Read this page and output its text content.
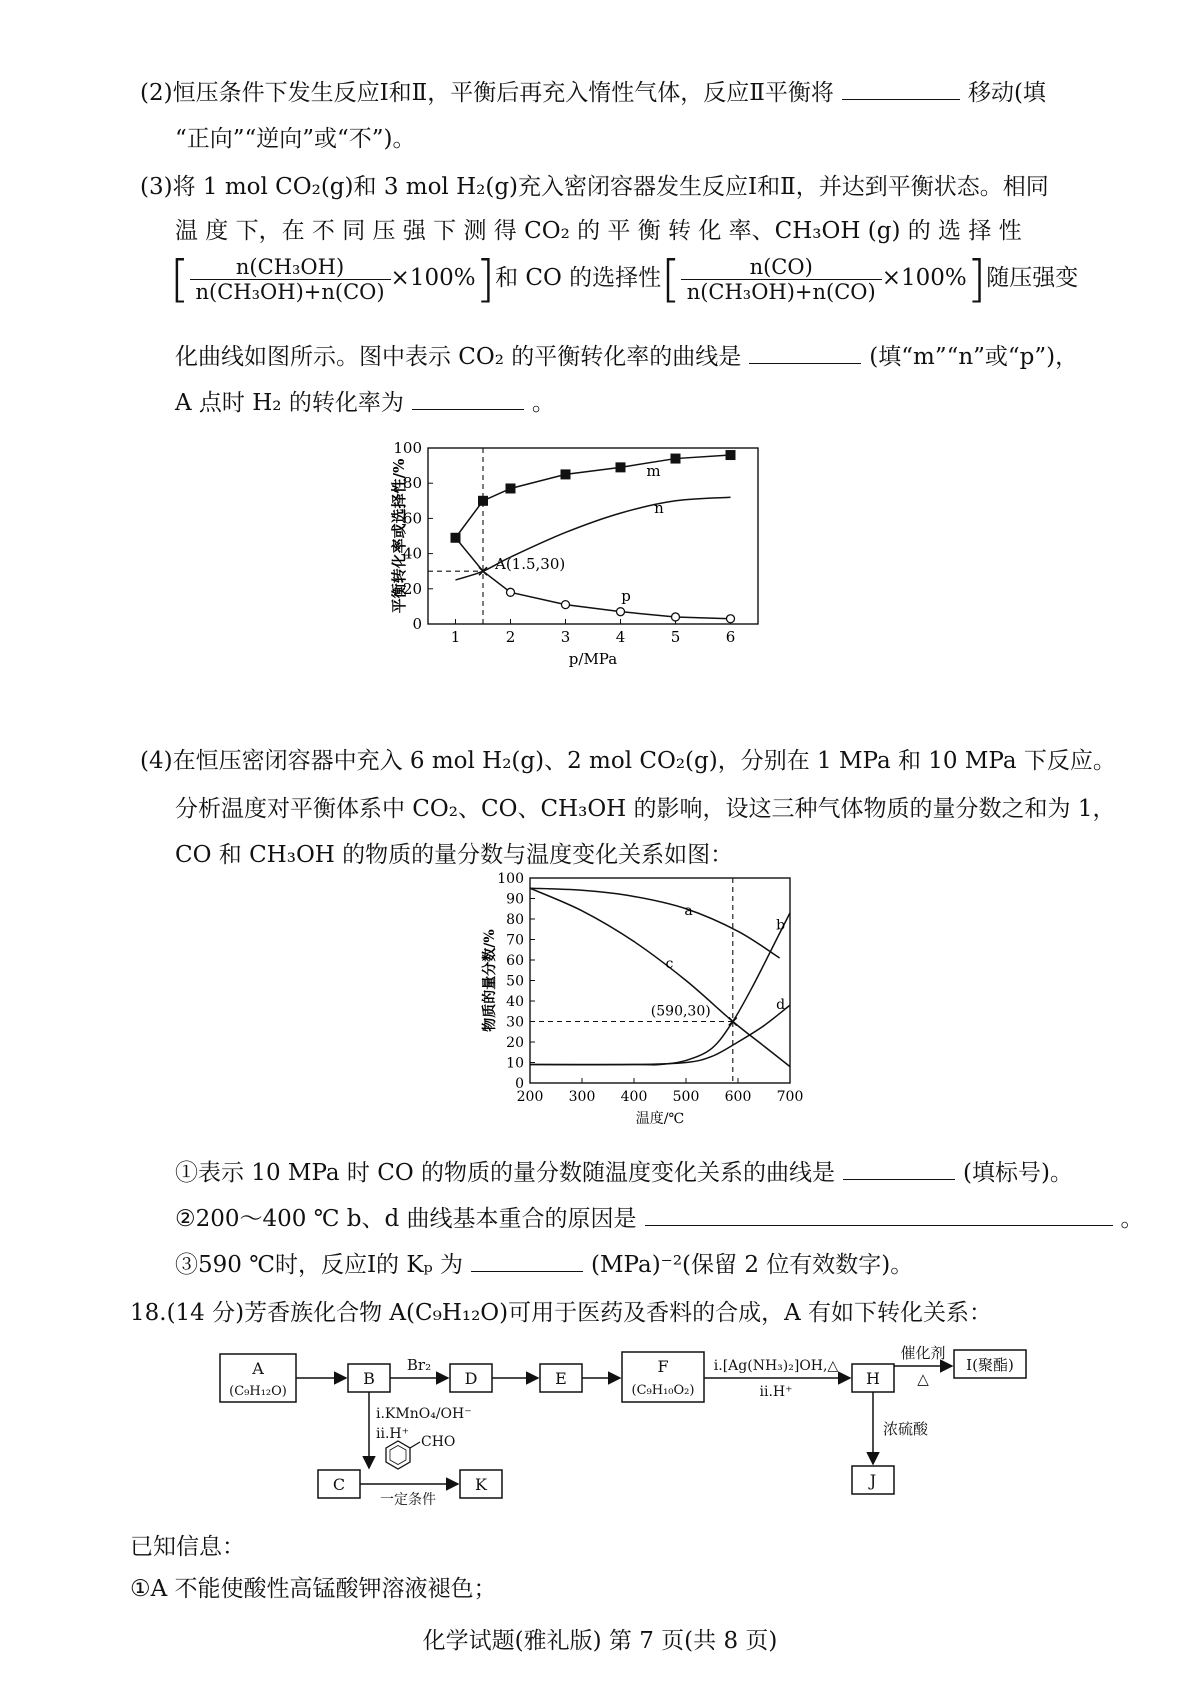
(2)恒压条件下发生反应Ⅰ和Ⅱ，平衡后再充入惰性气体，反应Ⅱ平衡将	移动(填
“正向”“逆向”或“不”)。
(3)将 1 mol CO₂(g)和 3 mol H₂(g)充入密闭容器发生反应Ⅰ和Ⅱ，并达到平衡状态。相同
温 度 下，在 不 同 压 强 下 测 得 CO₂ 的 平 衡 转 化 率、CH₃OH (g) 的 选 择 性
[ $\frac{\text{n(CH₃OH)}}{\text{n(CH₃OH)+n(CO)}} \times 100\%$]和 CO 的选择性[ $\frac{n(CO)}{\text{n(CH₃OH)+n(CO)}} \times 100\%$]随压强变
化曲线如图所示。图中表示 CO₂ 的平衡转化率的曲线是	(填“m”“n”或“p”)，
A 点时 H₂ 的转化率为	。
1	2	3	4	5	6
0
20
40
60
80
100
p/MPa
平衡转化率或选择性/%	A(1.5,30)
m
n
p
(4)在恒压密闭容器中充入 6 mol H₂(g)、2 mol CO₂(g)，分别在 1 MPa 和 10 MPa 下反应。
分析温度对平衡体系中 CO₂、CO、CH₃OH 的影响，设这三种气体物质的量分数之和为 1，
CO 和 CH₃OH 的物质的量分数与温度变化关系如图：
200 300 400 500 600 700
0
10
20
30
40
50
60
70
80
90
100
温度/℃
物质的量分数/%	(590,30)
a
b
c
d
①表示 10 MPa 时 CO 的物质的量分数随温度变化关系的曲线是	(填标号)。
②200～400 ℃ b、d 曲线基本重合的原因是	。
③590 ℃时，反应Ⅰ的 Kₚ 为	(MPa)⁻²(保留 2 位有效数字)。
18.(14 分)芳香族化合物 A(C₉H₁₂O)可用于医药及香料的合成，A 有如下转化关系：
A
(C₉H₁₂O)
B
Br₂
D	E
F
(C₉H₁₀O₂)
i.[Ag(NH₃)₂]OH,△
ii.H⁺
H
催化剂
△
I(聚酯)
浓硫酸
J
i.KMnO₄/OH⁻
ii.H⁺
C
一定条件
CHO
K
已知信息：
①A 不能使酸性高锰酸钾溶液褪色；
化学试题(雅礼版) 第 7 页(共 8 页)
